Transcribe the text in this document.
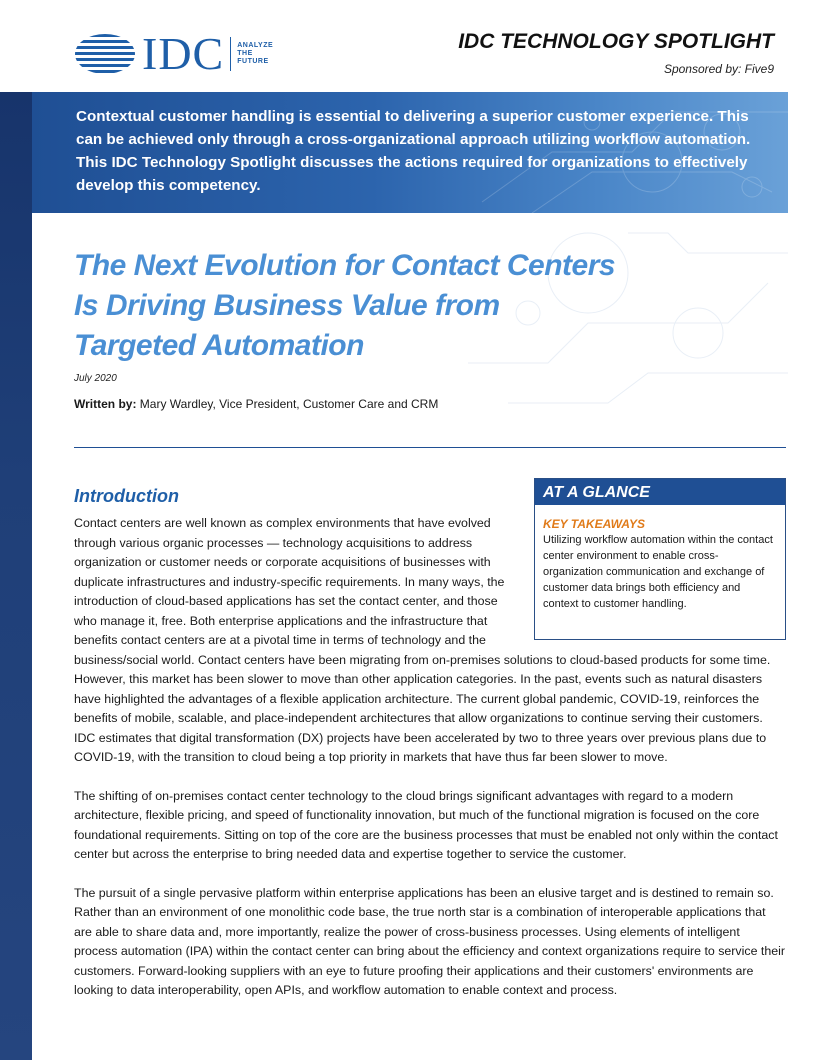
IDC ANALYZE
THE
FUTURE
IDC TECHNOLOGY SPOTLIGHT
Sponsored by: Five9
Contextual customer handling is essential to delivering a superior customer experience. This can be achieved only through a cross-organizational approach utilizing workflow automation. This IDC Technology Spotlight discusses the actions required for organizations to effectively develop this competency.
The Next Evolution for Contact Centers
Is Driving Business Value from
Targeted Automation
July 2020
Written by: Mary Wardley, Vice President, Customer Care and CRM
Introduction	AT A GLANCE
KEY TAKEAWAYS
Utilizing workflow automation within the contact center environment to enable cross-organization communication and exchange of customer data brings both efficiency and context to customer handling.

Contact centers are well known as complex environments that have evolved through various organic processes — technology acquisitions to address organization or customer needs or corporate acquisitions of businesses with duplicate infrastructures and industry-specific requirements. In many ways, the introduction of cloud-based applications has set the contact center, and those who manage it, free. Both enterprise applications and the infrastructure that benefits contact centers are at a pivotal time in terms of technology and the business/social world. Contact centers have been migrating from on-premises solutions to cloud-based products for some time. However, this market has been slower to move than other application categories. In the past, events such as natural disasters have highlighted the advantages of a flexible application architecture. The current global pandemic, COVID-19, reinforces the benefits of mobile, scalable, and place-independent architectures that allow organizations to continue serving their customers. IDC estimates that digital transformation (DX) projects have been accelerated by two to three years over previous plans due to COVID-19, with the transition to cloud being a top priority in markets that have thus far been slower to move.

The shifting of on-premises contact center technology to the cloud brings significant advantages with regard to a modern architecture, flexible pricing, and speed of functionality innovation, but much of the functional migration is focused on the core foundational requirements. Sitting on top of the core are the business processes that must be enabled not only within the contact center but across the enterprise to bring needed data and expertise together to service the customer.

The pursuit of a single pervasive platform within enterprise applications has been an elusive target and is destined to remain so. Rather than an environment of one monolithic code base, the true north star is a combination of interoperable applications that are able to share data and, more importantly, realize the power of cross-business processes. Using elements of intelligent process automation (IPA) within the contact center can bring about the efficiency and context organizations require to service their customers. Forward-looking suppliers with an eye to future proofing their applications and their customers' environments are looking to data interoperability, open APIs, and workflow automation to enable context and process.
